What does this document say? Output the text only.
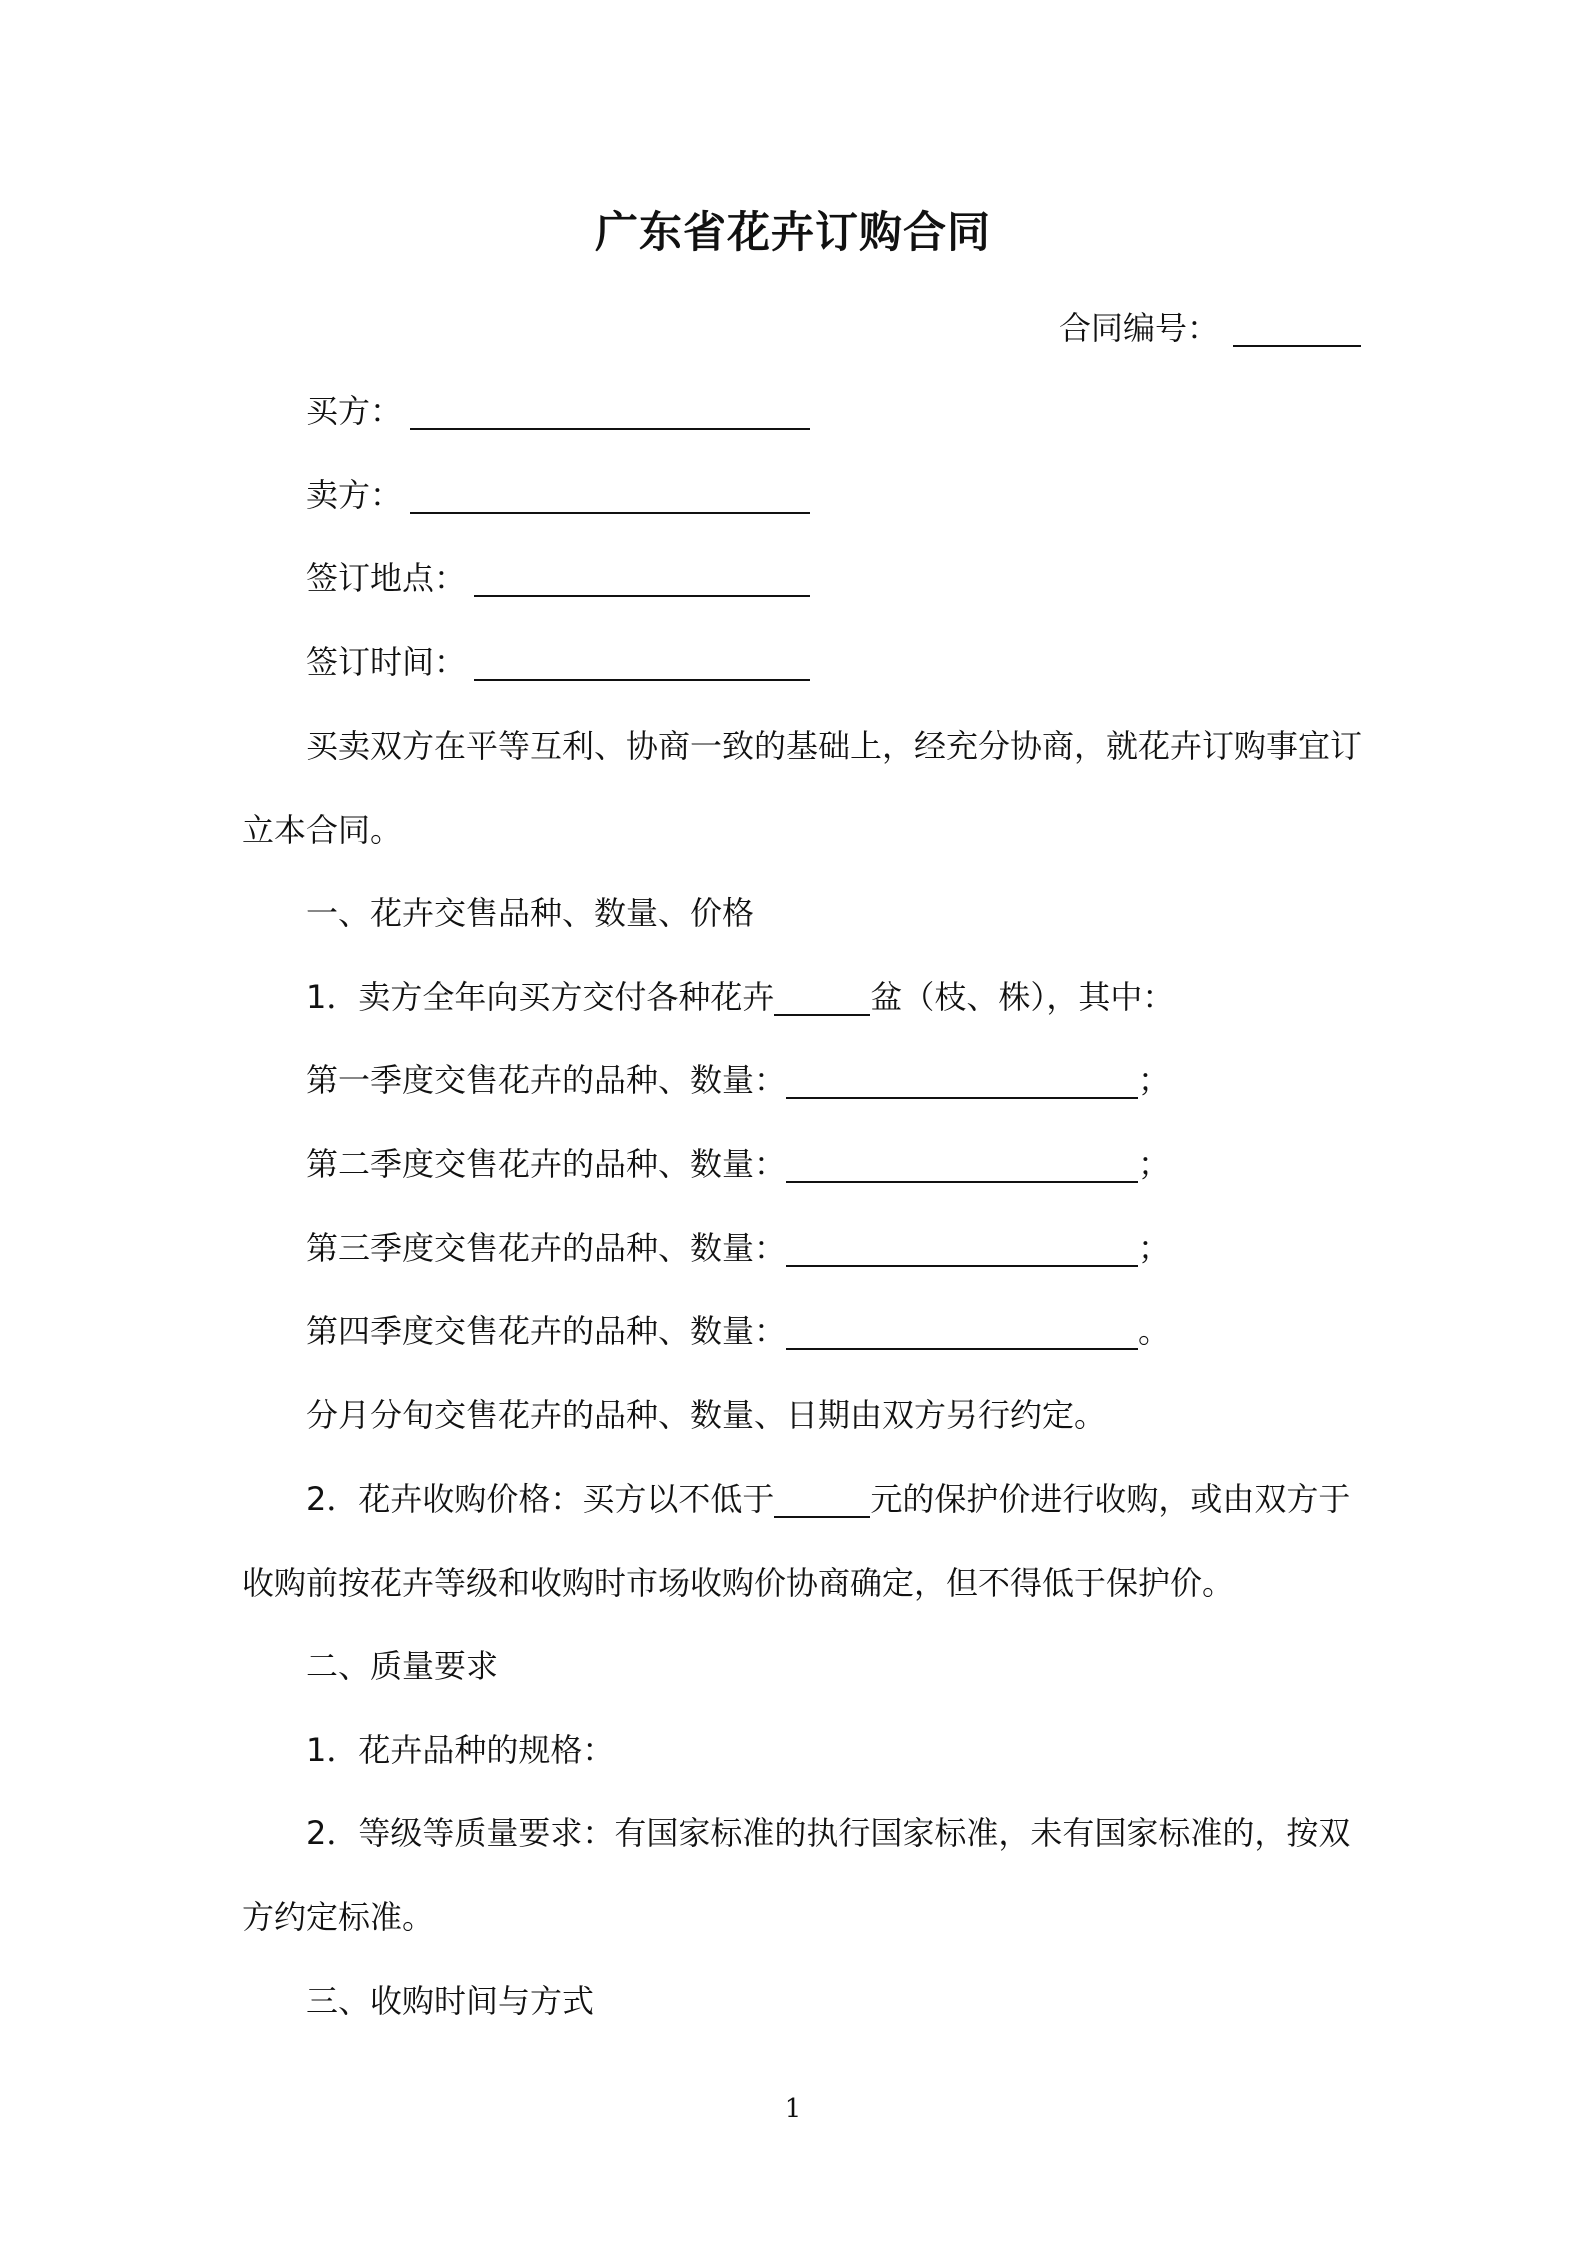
广东省花卉订购合同
合同编号：
买方：
卖方：
签订地点：
签订时间：
买卖双方在平等互利、协商一致的基础上，经充分协商，就花卉订购事宜订
立本合同。
一、花卉交售品种、数量、价格
1．卖方全年向买方交付各种花卉	盆（枝、株），其中：
第一季度交售花卉的品种、数量：	；
第二季度交售花卉的品种、数量：	；
第三季度交售花卉的品种、数量：	；
第四季度交售花卉的品种、数量：	。
分月分旬交售花卉的品种、数量、日期由双方另行约定。
2．花卉收购价格：买方以不低于	元的保护价进行收购，或由双方于
收购前按花卉等级和收购时市场收购价协商确定，但不得低于保护价。
二、质量要求
1．花卉品种的规格：
2．等级等质量要求：有国家标准的执行国家标准，未有国家标准的，按双
方约定标准。
三、收购时间与方式
1
